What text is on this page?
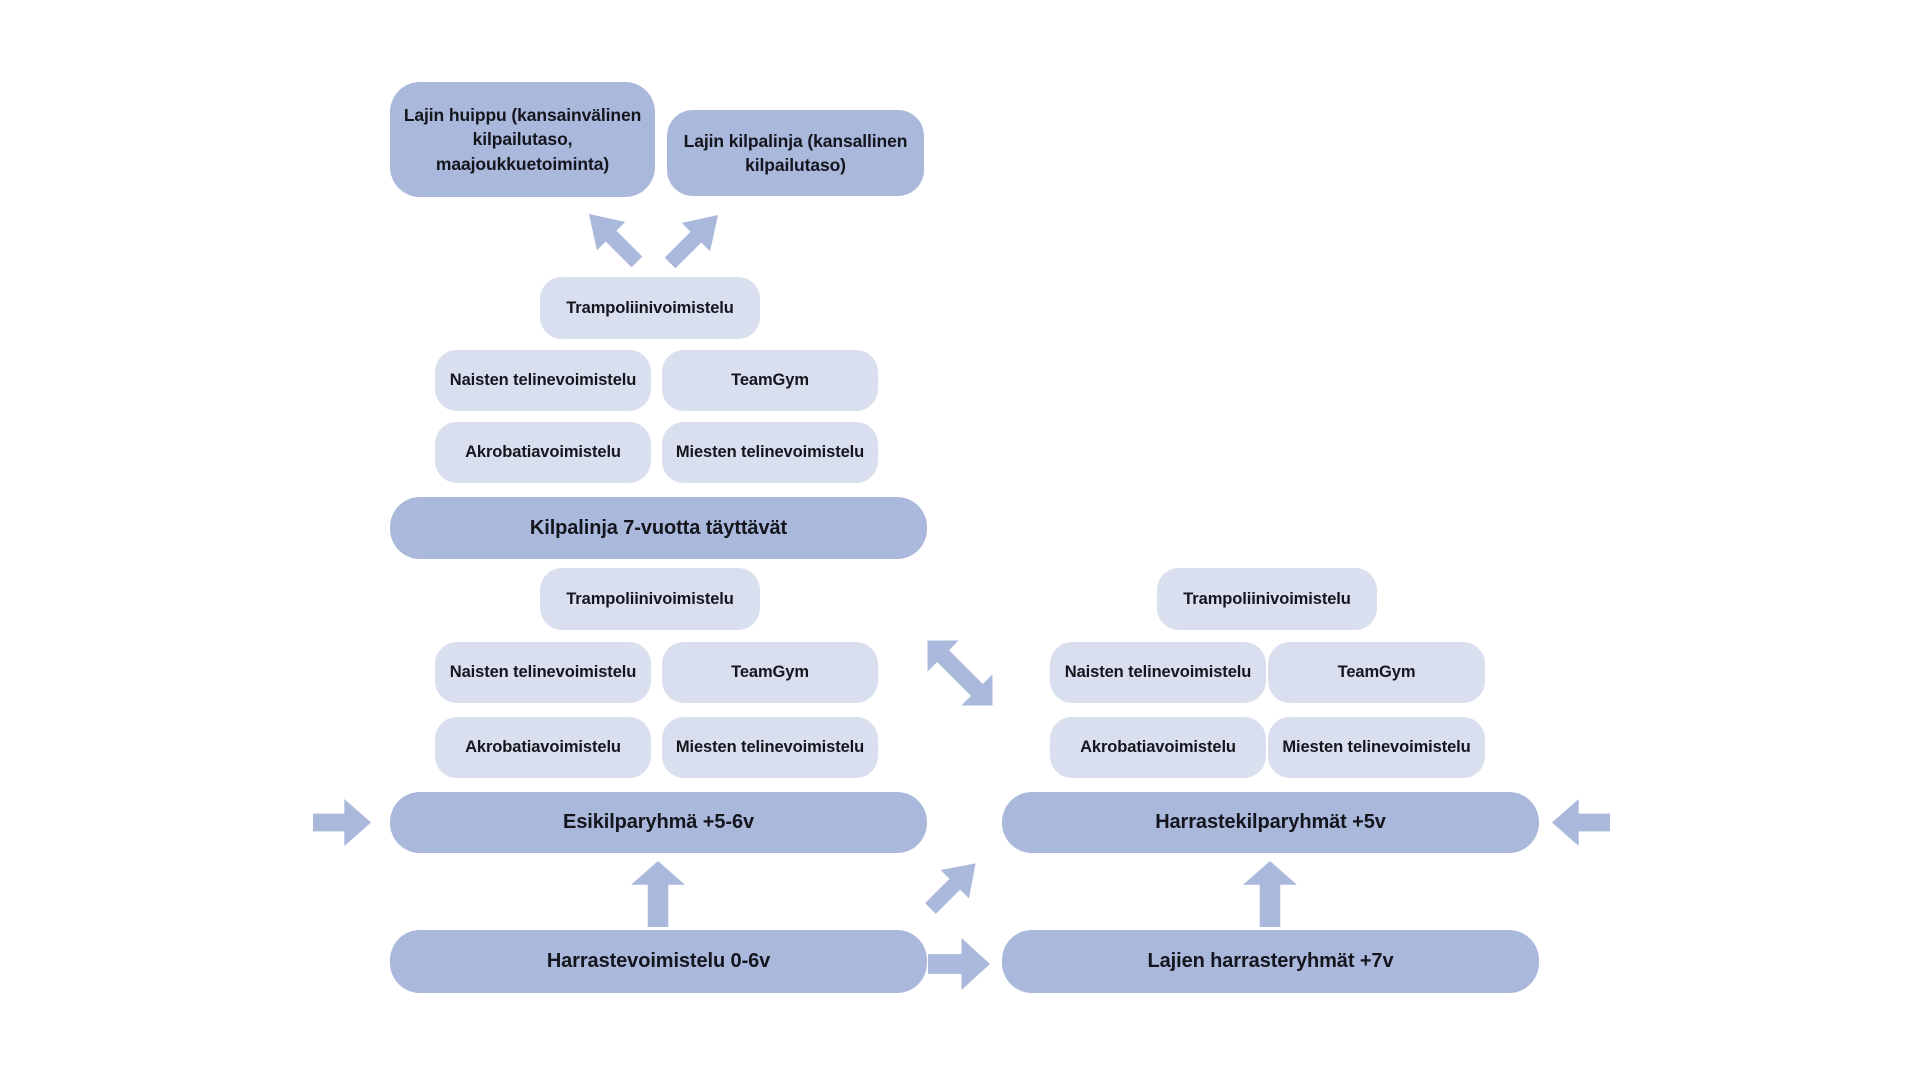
Lajin huippu (kansainvälinen kilpailutaso, maajoukkuetoiminta)
Lajin kilpalinja (kansallinen kilpailutaso)
Trampoliinivoimistelu
Naisten telinevoimistelu	TeamGym
Akrobatiavoimistelu	Miesten telinevoimistelu
Kilpalinja 7-vuotta täyttävät
Trampoliinivoimistelu
Naisten telinevoimistelu	TeamGym
Akrobatiavoimistelu	Miesten telinevoimistelu
Esikilparyhmä +5-6v
Trampoliinivoimistelu
Naisten telinevoimistelu	TeamGym
Akrobatiavoimistelu	Miesten telinevoimistelu
Harrastekilparyhmät +5v
Harrastevoimistelu 0-6v	Lajien harrasteryhmät +7v
